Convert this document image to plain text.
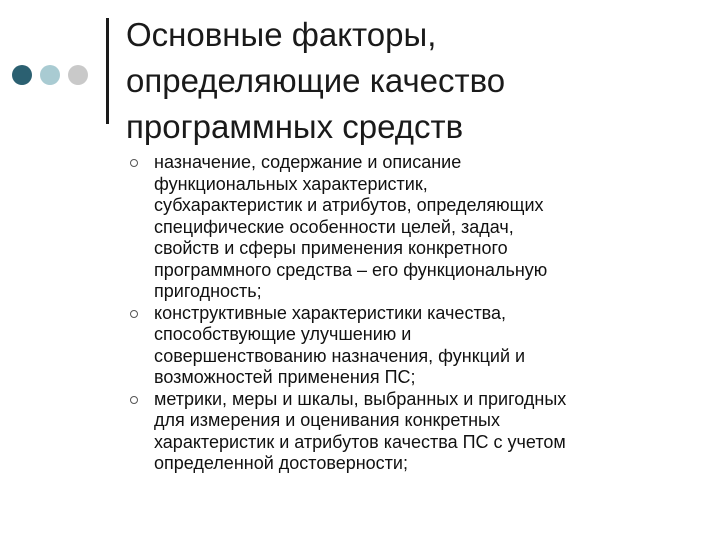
Основные факторы,
определяющие качество
программных средств
назначение, содержание и описание
функциональных характеристик,
субхарактеристик и атрибутов, определяющих
специфические особенности целей, задач,
свойств и сферы применения конкретного
программного средства – его функциональную
пригодность;
конструктивные характеристики качества,
способствующие улучшению и
совершенствованию назначения, функций и
возможностей применения ПС;
метрики, меры и шкалы, выбранных и пригодных
для измерения и оценивания конкретных
характеристик и атрибутов качества ПС с учетом
определенной достоверности;
